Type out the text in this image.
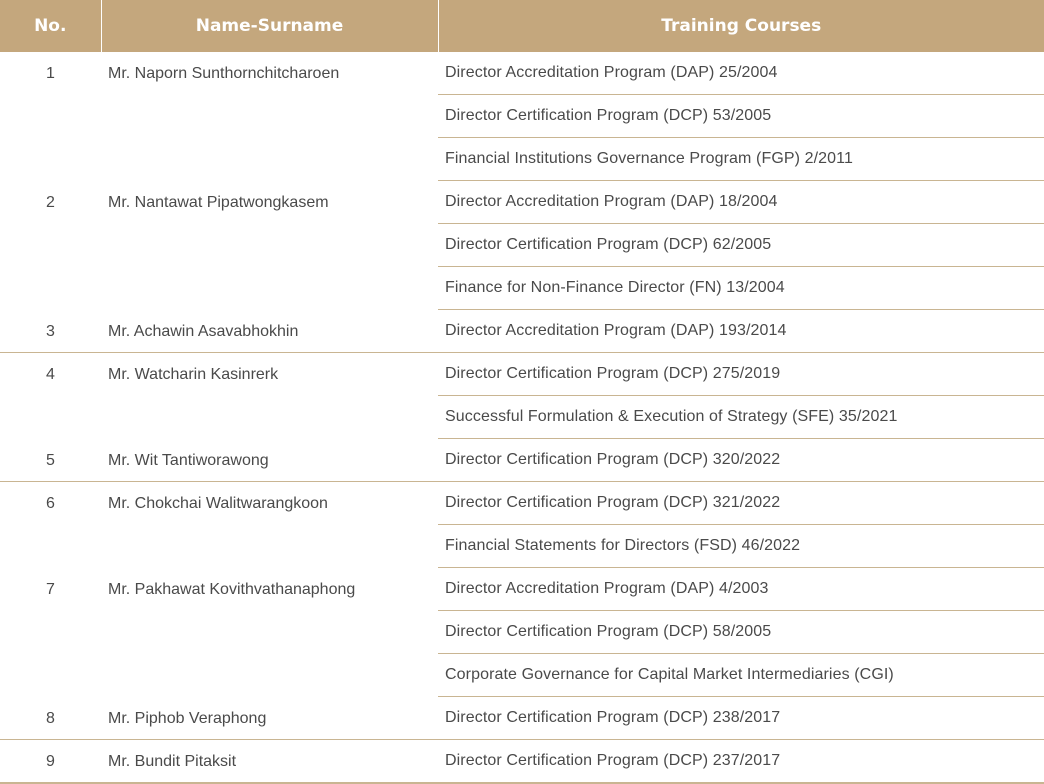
No.	Name-Surname	Training Courses
1	Mr. Naporn Sunthornchitcharoen	Director Accreditation Program (DAP) 25/2004
		Director Certification Program (DCP) 53/2005
		Financial Institutions Governance Program (FGP) 2/2011
2	Mr. Nantawat Pipatwongkasem	Director Accreditation Program (DAP) 18/2004
		Director Certification Program (DCP) 62/2005
		Finance for Non-Finance Director (FN) 13/2004
3	Mr. Achawin Asavabhokhin	Director Accreditation Program (DAP) 193/2014
4	Mr. Watcharin Kasinrerk	Director Certification Program (DCP) 275/2019
		Successful Formulation & Execution of Strategy (SFE) 35/2021
5	Mr. Wit Tantiworawong	Director Certification Program (DCP) 320/2022
6	Mr. Chokchai Walitwarangkoon	Director Certification Program (DCP) 321/2022
		Financial Statements for Directors (FSD) 46/2022
7	Mr. Pakhawat Kovithvathanaphong	Director Accreditation Program (DAP) 4/2003
		Director Certification Program (DCP) 58/2005
		Corporate Governance for Capital Market Intermediaries (CGI)
8	Mr. Piphob Veraphong	Director Certification Program (DCP) 238/2017
9	Mr. Bundit Pitaksit	Director Certification Program (DCP) 237/2017
